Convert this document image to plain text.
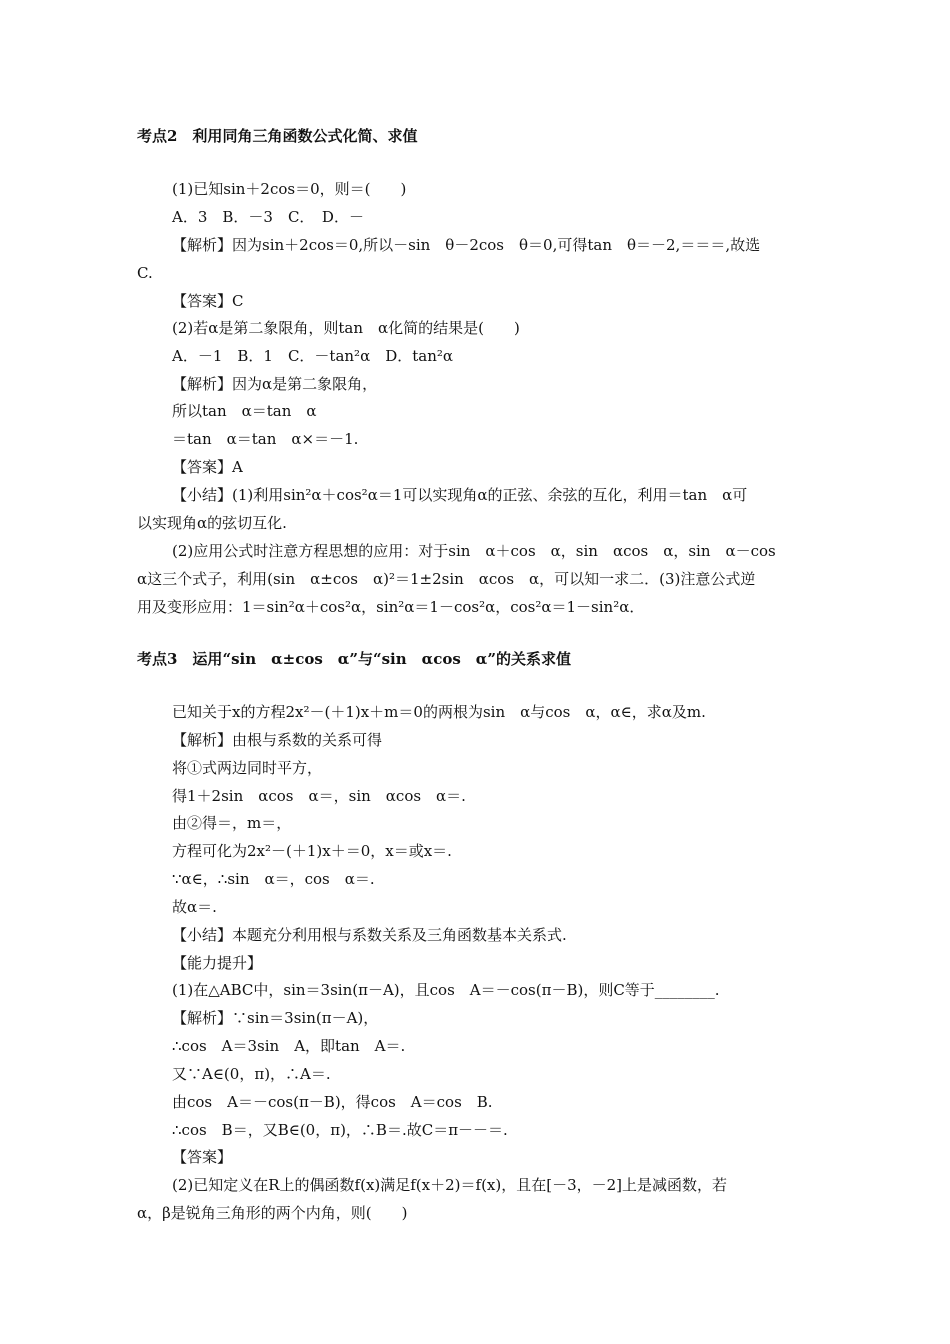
考点2　利用同角三角函数公式化简、求值
(1)已知sin＋2cos＝0，则＝(　　)
A．3　B．－3　C．　D．－
【解析】因为sin＋2cos＝0,所以－sin　θ－2cos　θ＝0,可得tan　θ＝－2,＝＝＝,故选
C.
【答案】C
(2)若α是第二象限角，则tan　α化简的结果是(　　)
A．－1　B．1　C．－tan²α　D．tan²α
【解析】因为α是第二象限角，
所以tan　α＝tan　α
＝tan　α＝tan　α×＝－1.
【答案】A
【小结】(1)利用sin²α＋cos²α＝1可以实现角α的正弦、余弦的互化，利用＝tan　α可
以实现角α的弦切互化.
(2)应用公式时注意方程思想的应用：对于sin　α＋cos　α，sin　αcos　α，sin　α－cos
α这三个式子，利用(sin　α±cos　α)²＝1±2sin　αcos　α，可以知一求二．(3)注意公式逆
用及变形应用：1＝sin²α＋cos²α，sin²α＝1－cos²α，cos²α＝1－sin²α．
考点3　运用“sin　α±cos　α”与“sin　αcos　α”的关系求值
已知关于x的方程2x²－(＋1)x＋m＝0的两根为sin　α与cos　α，α∈，求α及m.
【解析】由根与系数的关系可得
将①式两边同时平方，
得1＋2sin　αcos　α＝，sin　αcos　α＝.
由②得＝，m＝，
方程可化为2x²－(＋1)x＋＝0，x＝或x＝.
∵α∈，∴sin　α＝，cos　α＝.
故α＝.
【小结】本题充分利用根与系数关系及三角函数基本关系式.
【能力提升】
(1)在△ABC中，sin＝3sin(π－A)，且cos　A＝－cos(π－B)，则C等于________.
【解析】∵sin＝3sin(π－A)，
∴cos　A＝3sin　A，即tan　A＝.
又∵A∈(0，π)，∴A＝.
由cos　A＝－cos(π－B)，得cos　A＝cos　B.
∴cos　B＝，又B∈(0，π)，∴B＝.故C＝π－－＝.
【答案】
(2)已知定义在R上的偶函数f(x)满足f(x＋2)＝f(x)，且在[－3，－2]上是减函数，若
α，β是锐角三角形的两个内角，则(　　)
